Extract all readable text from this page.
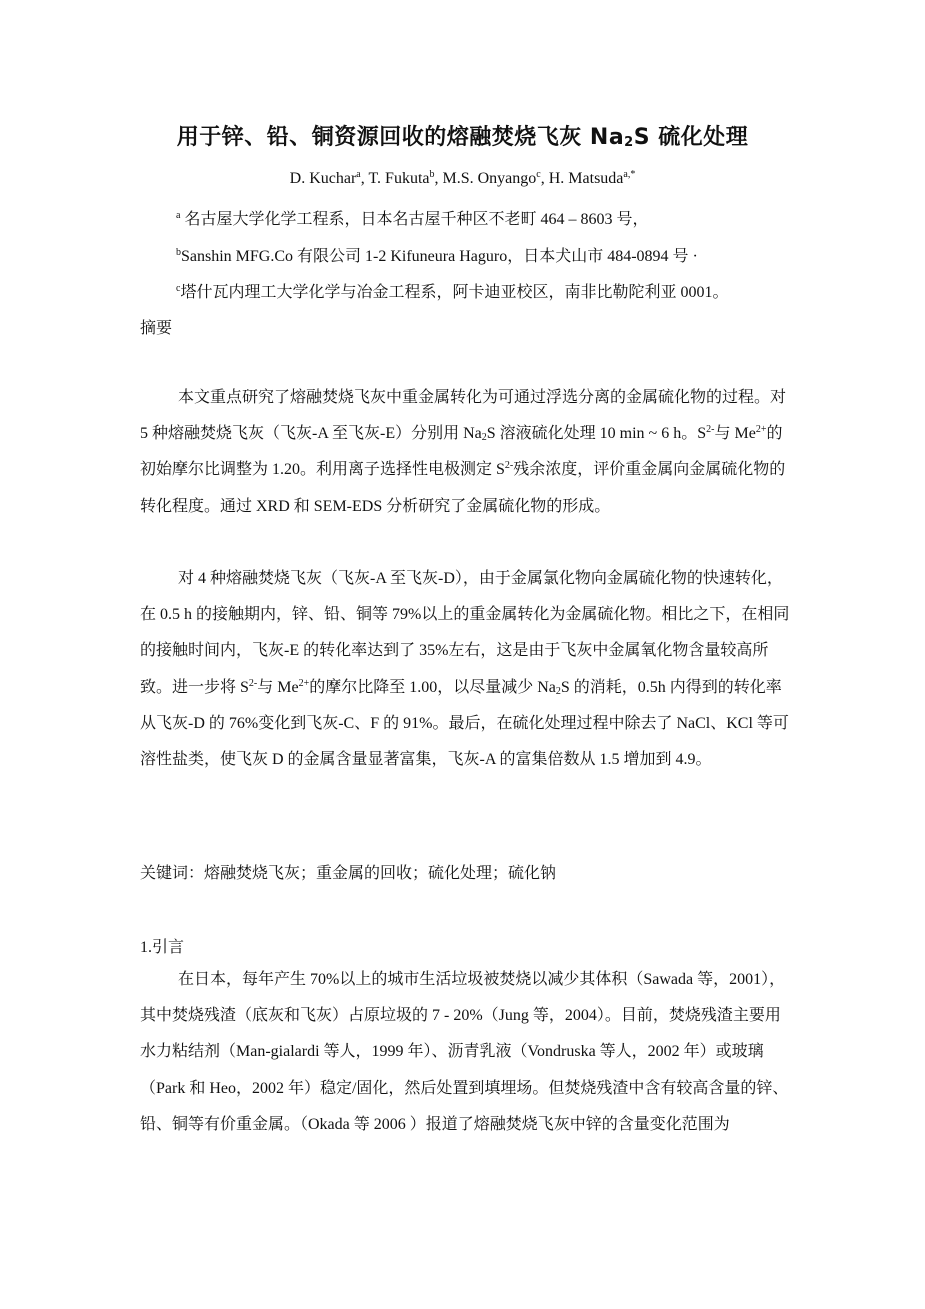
用于锌、铅、铜资源回收的熔融焚烧飞灰 $Na_2S$ 硫化处理
D. Kuchar$^a$, T. Fukuta$^b$, M.S. Onyango$^c$, H. Matsuda$^{a,*}$
$^a$ 名古屋大学化学工程系，日本名古屋千种区不老町 464 – 8603 号，
$^b$Sanshin MFG.Co 有限公司 1-2 Kifuneura Haguro，日本犬山市 484-0894 号 ·
$^c$塔什瓦内理工大学化学与冶金工程系，阿卡迪亚校区，南非比勒陀利亚 0001。
摘要
本文重点研究了熔融焚烧飞灰中重金属转化为可通过浮选分离的金属硫化物的过程。对 5 种熔融焚烧飞灰（飞灰-A 至飞灰-E）分别用 $Na_2S$ 溶液硫化处理 10 min ~ 6 h。$S^{2-}$与 $Me^{2+}$的初始摩尔比调整为 1.20。利用离子选择性电极测定 $S^{2-}$残余浓度，评价重金属向金属硫化物的转化程度。通过 XRD 和 SEM-EDS 分析研究了金属硫化物的形成。
对 4 种熔融焚烧飞灰（飞灰-A 至飞灰-D），由于金属氯化物向金属硫化物的快速转化，在 0.5 h 的接触期内，锌、铅、铜等 79%以上的重金属转化为金属硫化物。相比之下，在相同的接触时间内，飞灰-E 的转化率达到了 35%左右，这是由于飞灰中金属氧化物含量较高所致。进一步将 $S^{2-}$与 $Me^{2+}$的摩尔比降至 1.00，以尽量减少 $Na_2S$ 的消耗，0.5h 内得到的转化率从飞灰-D 的 76%变化到飞灰-C、F 的 91%。最后，在硫化处理过程中除去了 NaCl、KCl 等可溶性盐类，使飞灰 D 的金属含量显著富集，飞灰-A 的富集倍数从 1.5 增加到 4.9。
关键词：熔融焚烧飞灰；重金属的回收；硫化处理；硫化钠
1.引言
在日本，每年产生 70%以上的城市生活垃圾被焚烧以减少其体积（Sawada 等，2001），其中焚烧残渣（底灰和飞灰）占原垃圾的 7 - 20%（Jung 等，2004）。目前，焚烧残渣主要用水力粘结剂（Man-gialardi 等人，1999 年）、沥青乳液（Vondruska 等人，2002 年）或玻璃（Park 和 Heo，2002 年）稳定/固化，然后处置到填埋场。但焚烧残渣中含有较高含量的锌、铅、铜等有价重金属。（Okada 等 2006 ）报道了熔融焚烧飞灰中锌的含量变化范围为
